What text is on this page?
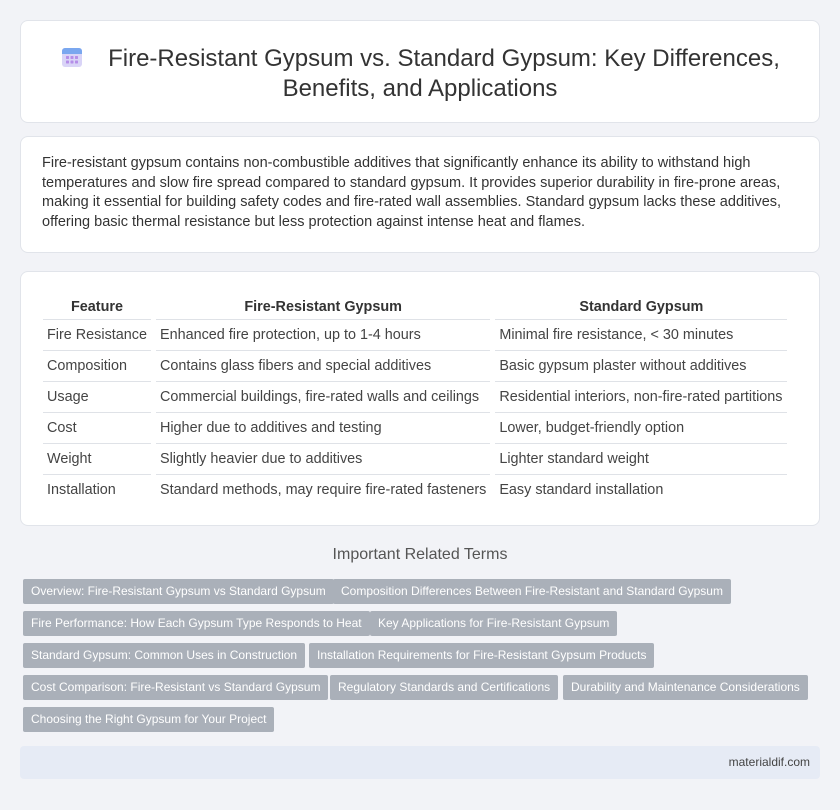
Fire-Resistant Gypsum vs. Standard Gypsum: Key Differences,
Benefits, and Applications

Fire-resistant gypsum contains non-combustible additives that significantly enhance its ability to withstand high temperatures and slow fire spread compared to standard gypsum. It provides superior durability in fire-prone areas, making it essential for building safety codes and fire-rated wall assemblies. Standard gypsum lacks these additives, offering basic thermal resistance but less protection against intense heat and flames.

Feature	Fire-Resistant Gypsum	Standard Gypsum
Fire Resistance	Enhanced fire protection, up to 1-4 hours	Minimal fire resistance, < 30 minutes
Composition	Contains glass fibers and special additives	Basic gypsum plaster without additives
Usage	Commercial buildings, fire-rated walls and ceilings	Residential interiors, non-fire-rated partitions
Cost	Higher due to additives and testing	Lower, budget-friendly option
Weight	Slightly heavier due to additives	Lighter standard weight
Installation	Standard methods, may require fire-rated fasteners	Easy standard installation
Important Related Terms
Overview: Fire-Resistant Gypsum vs Standard Gypsum	Composition Differences Between Fire-Resistant and Standard Gypsum
Fire Performance: How Each Gypsum Type Responds to Heat	Key Applications for Fire-Resistant Gypsum
Standard Gypsum: Common Uses in Construction	Installation Requirements for Fire-Resistant Gypsum Products
Cost Comparison: Fire-Resistant vs Standard Gypsum	Regulatory Standards and Certifications	Durability and Maintenance Considerations
Choosing the Right Gypsum for Your Project
materialdif.com
